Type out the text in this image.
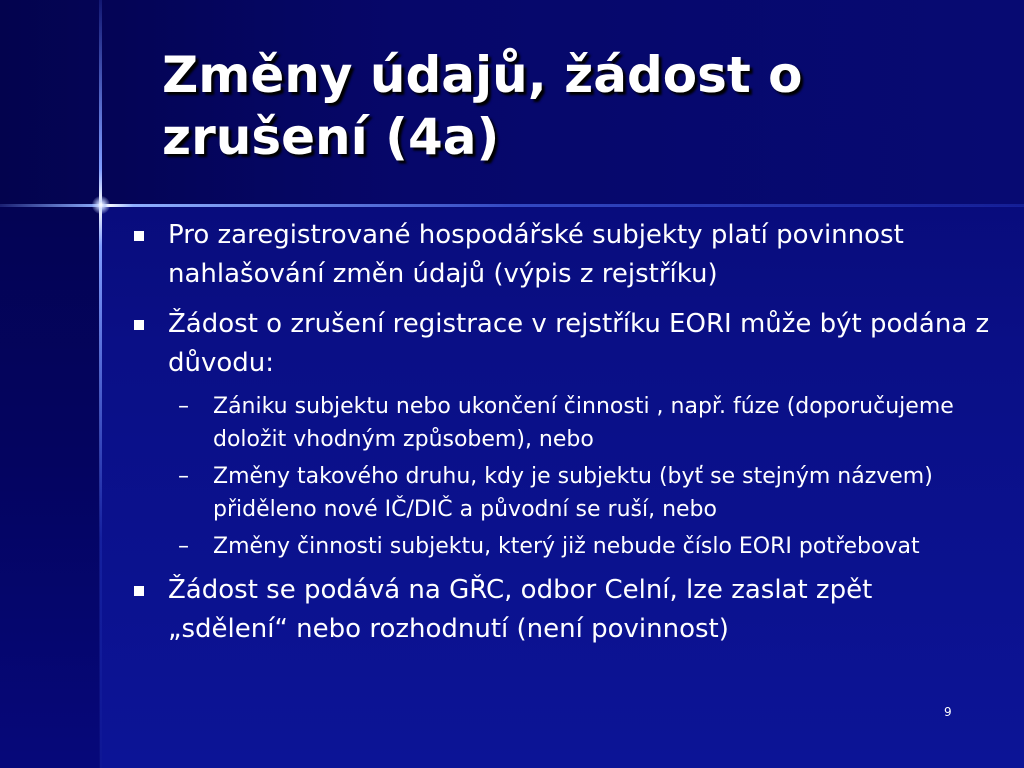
Změny údajů, žádost o zrušení (4a)
Pro zaregistrované hospodářské subjekty platí povinnost nahlašování změn údajů (výpis z rejstříku)
Žádost o zrušení registrace v rejstříku EORI může být podána z důvodu:
– Zániku subjektu nebo ukončení činnosti , např. fúze (doporučujeme doložit vhodným způsobem), nebo
– Změny takového druhu, kdy je subjektu (byť se stejným názvem) přiděleno nové IČ/DIČ a původní se ruší, nebo
– Změny činnosti subjektu, který již nebude číslo EORI potřebovat
Žádost se podává na GŘC, odbor Celní, lze zaslat zpět „sdělení“ nebo rozhodnutí (není povinnost)
9
